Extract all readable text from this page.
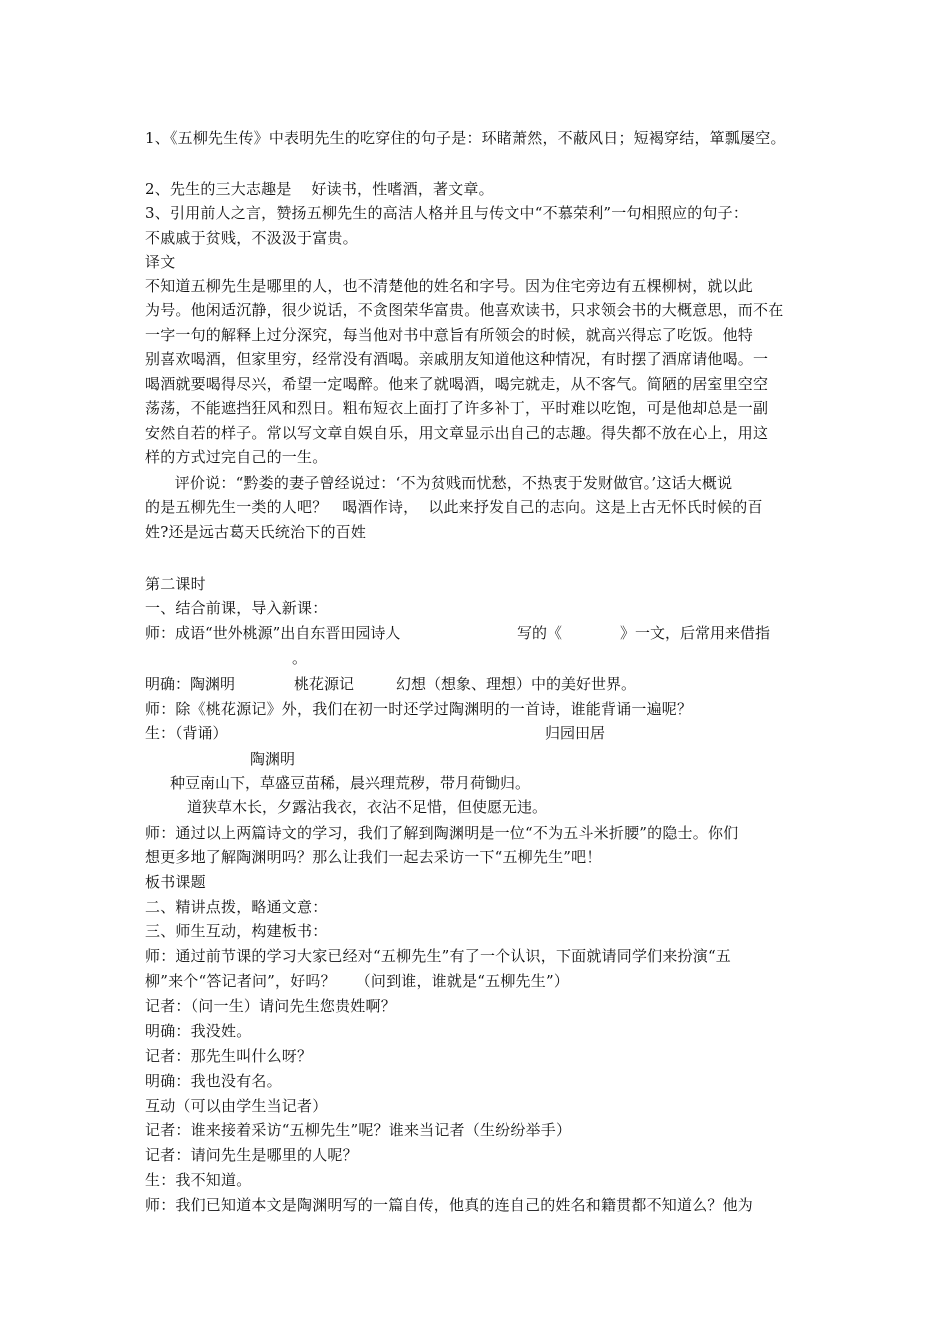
1、《五柳先生传》中表明先生的吃穿住的句子是：环睹萧然，不蔽风日；短褐穿结，箪瓢屡空。
2、先生的三大志趣是    好读书，性嗜酒，著文章。
3、引用前人之言，赞扬五柳先生的高洁人格并且与传文中“不慕荣利”一句相照应的句子：
不戚戚于贫贱，不汲汲于富贵。
译文
不知道五柳先生是哪里的人，也不清楚他的姓名和字号。因为住宅旁边有五棵柳树，就以此
为号。他闲适沉静，很少说话，不贪图荣华富贵。他喜欢读书，只求领会书的大概意思，而不在
一字一句的解释上过分深究，每当他对书中意旨有所领会的时候，就高兴得忘了吃饭。他特
别喜欢喝酒，但家里穷，经常没有酒喝。亲戚朋友知道他这种情况，有时摆了酒席请他喝。一
喝酒就要喝得尽兴，希望一定喝醉。他来了就喝酒，喝完就走，从不客气。简陋的居室里空空
荡荡，不能遮挡狂风和烈日。粗布短衣上面打了许多补丁，平时难以吃饱，可是他却总是一副
安然自若的样子。常以写文章自娱自乐，用文章显示出自己的志趣。得失都不放在心上，用这
样的方式过完自己的一生。
评价说：“黔娄的妻子曾经说过：‘不为贫贱而忧愁，不热衷于发财做官。’这话大概说
的是五柳先生一类的人吧？   喝酒作诗，  以此来抒发自己的志向。这是上古无怀氏时候的百
姓?还是远古葛天氏统治下的百姓
第二课时
一、结合前课，导入新课：
师：成语“世外桃源”出自东晋田园诗人	写的《	》一文，后常用来借指
。
明确：陶渊明	桃花源记	幻想（想象、理想）中的美好世界。
师：除《桃花源记》外，我们在初一时还学过陶渊明的一首诗，谁能背诵一遍呢？
生：（背诵）	归园田居
陶渊明
种豆南山下，草盛豆苗稀，晨兴理荒秽，带月荷锄归。
道狭草木长，夕露沾我衣，衣沾不足惜，但使愿无违。
师：通过以上两篇诗文的学习，我们了解到陶渊明是一位“不为五斗米折腰”的隐士。你们
想更多地了解陶渊明吗？那么让我们一起去采访一下“五柳先生”吧！
板书课题
二、精讲点拨，略通文意：
三、师生互动，构建板书：
师：通过前节课的学习大家已经对“五柳先生”有了一个认识，下面就请同学们来扮演“五
柳”来个“答记者问”，好吗？    （问到谁，谁就是“五柳先生”）
记者：（问一生）请问先生您贵姓啊？
明确：我没姓。
记者：那先生叫什么呀？
明确：我也没有名。
互动（可以由学生当记者）
记者：谁来接着采访“五柳先生”呢？谁来当记者（生纷纷举手）
记者：请问先生是哪里的人呢？
生：我不知道。
师：我们已知道本文是陶渊明写的一篇自传，他真的连自己的姓名和籍贯都不知道么？他为
